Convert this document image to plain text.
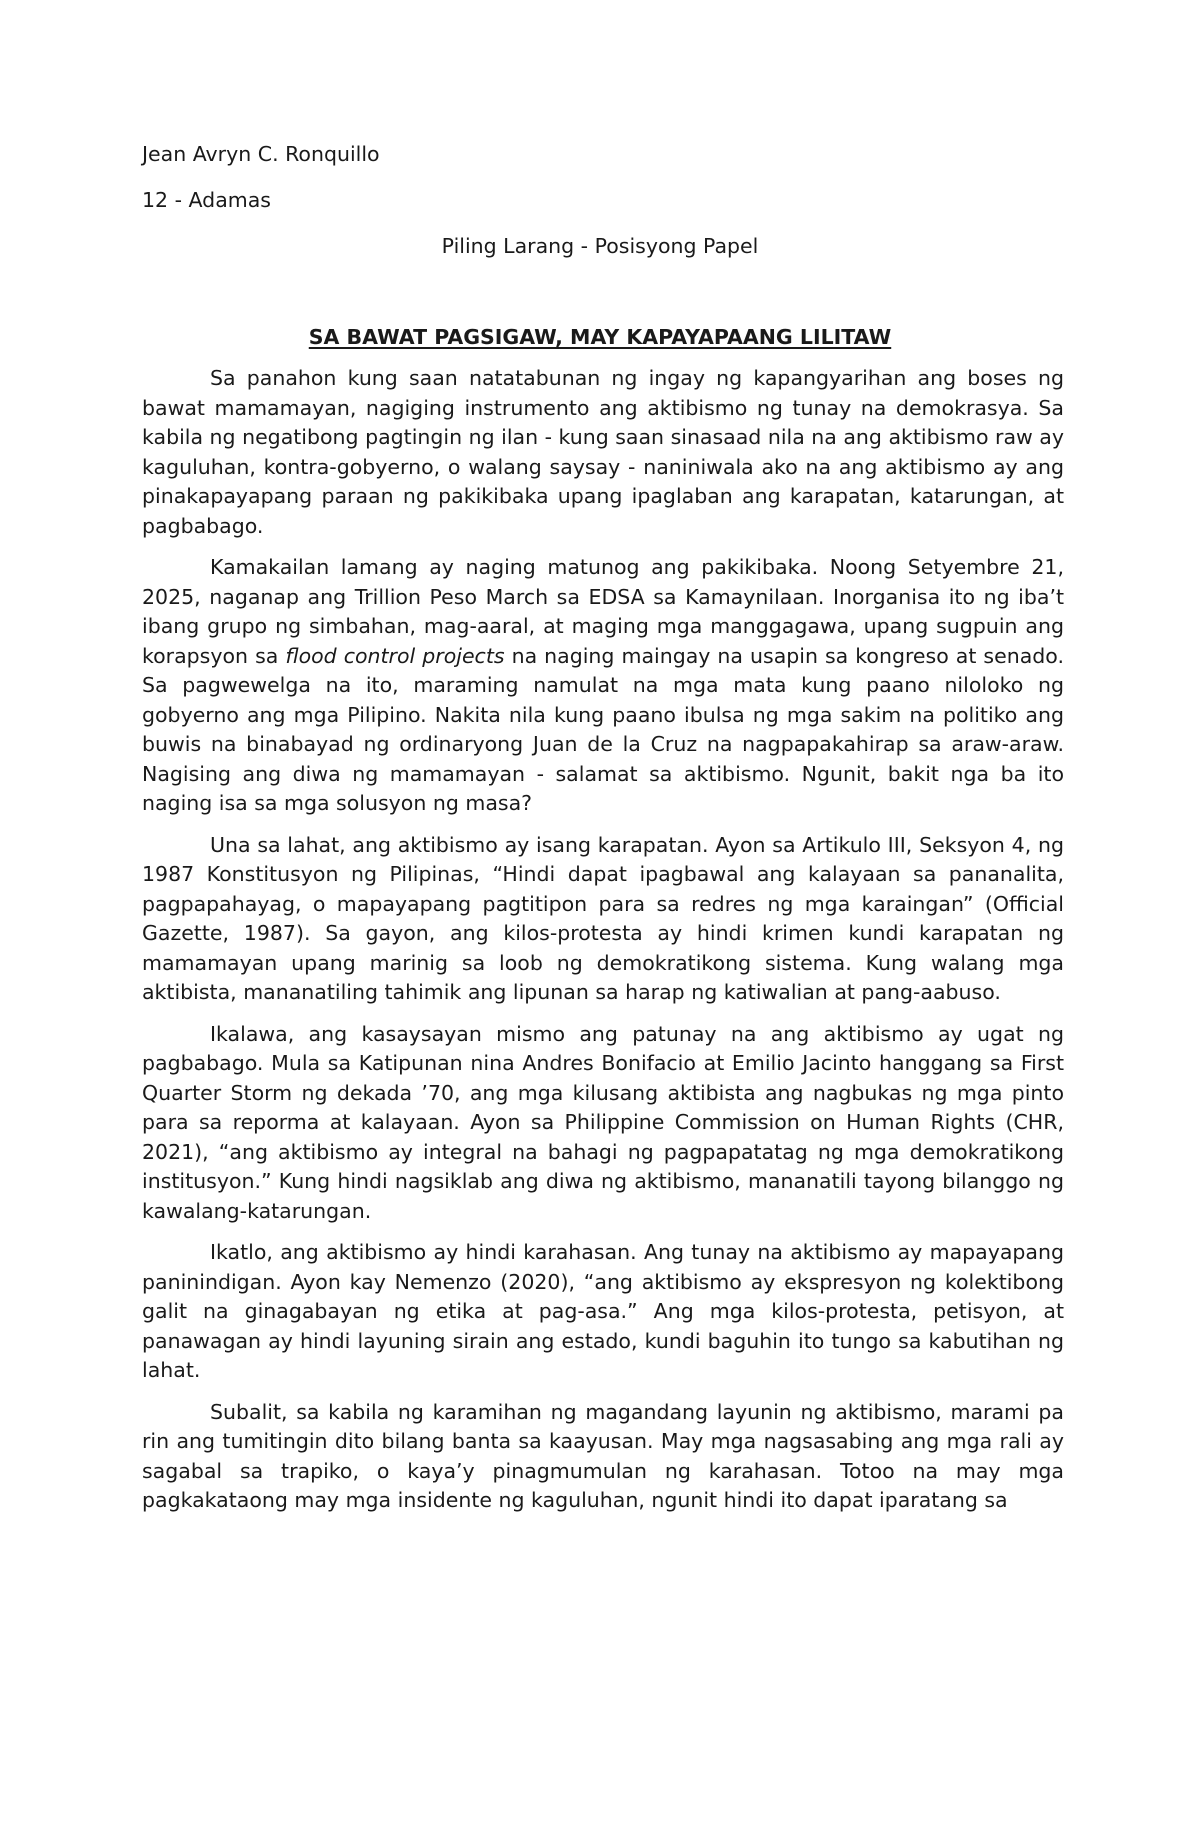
Jean Avryn C. Ronquillo

12 - Adamas

Piling Larang - Posisyong Papel

SA BAWAT PAGSIGAW, MAY KAPAYAPAANG LILITAW

Sa panahon kung saan natatabunan ng ingay ng kapangyarihan ang boses ng bawat mamamayan, nagiging instrumento ang aktibismo ng tunay na demokrasya. Sa kabila ng negatibong pagtingin ng ilan - kung saan sinasaad nila na ang aktibismo raw ay kaguluhan, kontra-gobyerno, o walang saysay - naniniwala ako na ang aktibismo ay ang pinakapayapang paraan ng pakikibaka upang ipaglaban ang karapatan, katarungan, at pagbabago.

Kamakailan lamang ay naging matunog ang pakikibaka. Noong Setyembre 21, 2025, naganap ang Trillion Peso March sa EDSA sa Kamaynilaan. Inorganisa ito ng iba’t ibang grupo ng simbahan, mag-aaral, at maging mga manggagawa, upang sugpuin ang korapsyon sa flood control projects na naging maingay na usapin sa kongreso at senado. Sa pagwewelga na ito, maraming namulat na mga mata kung paano niloloko ng gobyerno ang mga Pilipino. Nakita nila kung paano ibulsa ng mga sakim na politiko ang buwis na binabayad ng ordinaryong Juan de la Cruz na nagpapakahirap sa araw-araw. Nagising ang diwa ng mamamayan - salamat sa aktibismo. Ngunit, bakit nga ba ito naging isa sa mga solusyon ng masa?

Una sa lahat, ang aktibismo ay isang karapatan. Ayon sa Artikulo III, Seksyon 4, ng 1987 Konstitusyon ng Pilipinas, “Hindi dapat ipagbawal ang kalayaan sa pananalita, pagpapahayag, o mapayapang pagtitipon para sa redres ng mga karaingan” (Official Gazette, 1987). Sa gayon, ang kilos-protesta ay hindi krimen kundi karapatan ng mamamayan upang marinig sa loob ng demokratikong sistema. Kung walang mga aktibista, mananatiling tahimik ang lipunan sa harap ng katiwalian at pang-aabuso.

Ikalawa, ang kasaysayan mismo ang patunay na ang aktibismo ay ugat ng pagbabago. Mula sa Katipunan nina Andres Bonifacio at Emilio Jacinto hanggang sa First Quarter Storm ng dekada ’70, ang mga kilusang aktibista ang nagbukas ng mga pinto para sa reporma at kalayaan. Ayon sa Philippine Commission on Human Rights (CHR, 2021), “ang aktibismo ay integral na bahagi ng pagpapatatag ng mga demokratikong institusyon.” Kung hindi nagsiklab ang diwa ng aktibismo, mananatili tayong bilanggo ng kawalang-katarungan.

Ikatlo, ang aktibismo ay hindi karahasan. Ang tunay na aktibismo ay mapayapang paninindigan. Ayon kay Nemenzo (2020), “ang aktibismo ay ekspresyon ng kolektibong galit na ginagabayan ng etika at pag-asa.” Ang mga kilos-protesta, petisyon, at panawagan ay hindi layuning sirain ang estado, kundi baguhin ito tungo sa kabutihan ng lahat.

Subalit, sa kabila ng karamihan ng magandang layunin ng aktibismo, marami pa rin ang tumitingin dito bilang banta sa kaayusan. May mga nagsasabing ang mga rali ay sagabal sa trapiko, o kaya’y pinagmumulan ng karahasan. Totoo na may mga pagkakataong may mga insidente ng kaguluhan, ngunit hindi ito dapat iparatang sa
